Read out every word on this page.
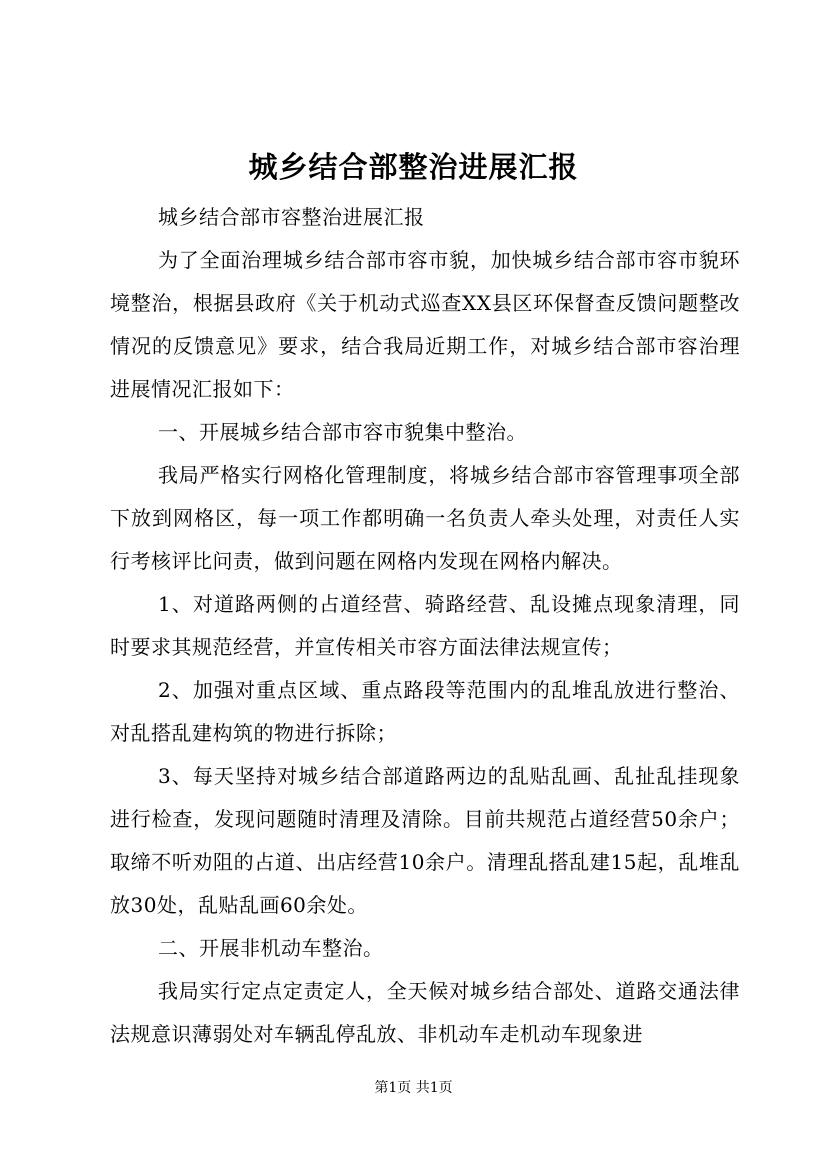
城乡结合部整治进展汇报

城乡结合部市容整治进展汇报

为了全面治理城乡结合部市容市貌，加快城乡结合部市容市貌环境整治，根据县政府《关于机动式巡查XX县区环保督查反馈问题整改情况的反馈意见》要求，结合我局近期工作，对城乡结合部市容治理进展情况汇报如下：

一、开展城乡结合部市容市貌集中整治。

我局严格实行网格化管理制度，将城乡结合部市容管理事项全部下放到网格区，每一项工作都明确一名负责人牵头处理，对责任人实行考核评比问责，做到问题在网格内发现在网格内解决。

1、对道路两侧的占道经营、骑路经营、乱设摊点现象清理，同时要求其规范经营，并宣传相关市容方面法律法规宣传；

2、加强对重点区域、重点路段等范围内的乱堆乱放进行整治、对乱搭乱建构筑的物进行拆除；

3、每天坚持对城乡结合部道路两边的乱贴乱画、乱扯乱挂现象进行检查，发现问题随时清理及清除。目前共规范占道经营50余户；取缔不听劝阻的占道、出店经营10余户。清理乱搭乱建15起，乱堆乱放30处，乱贴乱画60余处。

二、开展非机动车整治。

我局实行定点定责定人，全天候对城乡结合部处、道路交通法律法规意识薄弱处对车辆乱停乱放、非机动车走机动车现象进

第1页 共1页
